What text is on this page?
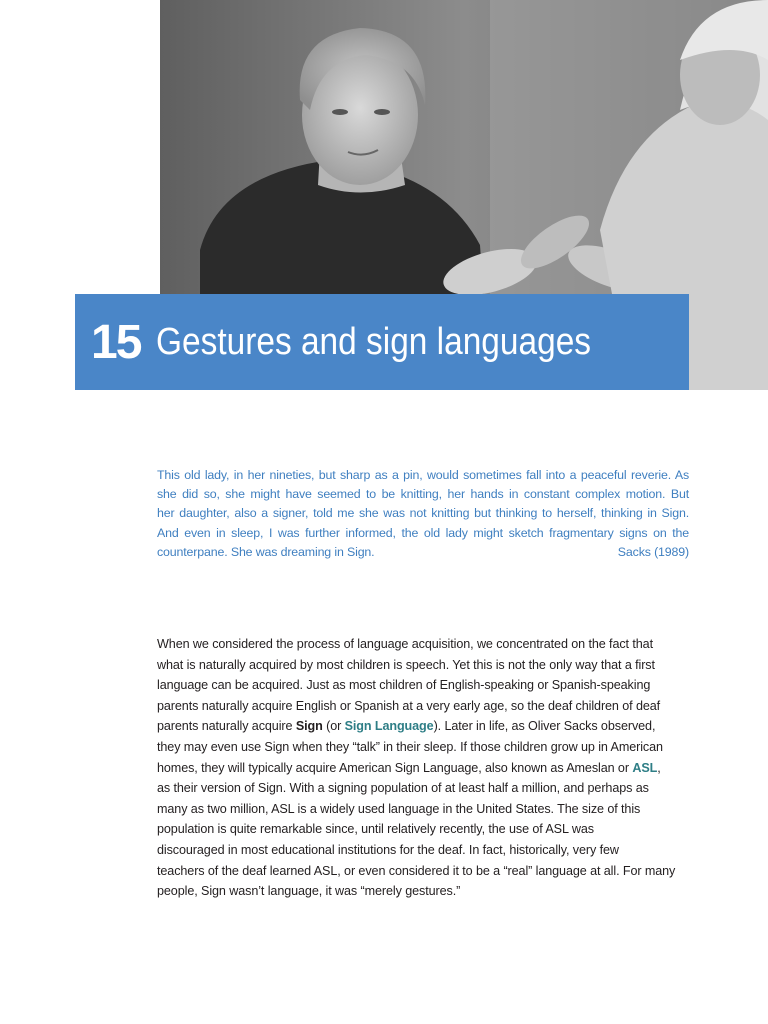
15 Gestures and sign languages
This old lady, in her nineties, but sharp as a pin, would sometimes fall into a peaceful reverie. As
she did so, she might have seemed to be knitting, her hands in constant complex motion. But
her daughter, also a signer, told me she was not knitting but thinking to herself, thinking in Sign.
And even in sleep, I was further informed, the old lady might sketch fragmentary signs on the
counterpane. She was dreaming in Sign.	Sacks (1989)
When we considered the process of language acquisition, we concentrated on the fact that
what is naturally acquired by most children is speech. Yet this is not the only way that a first
language can be acquired. Just as most children of English-speaking or Spanish-speaking
parents naturally acquire English or Spanish at a very early age, so the deaf children of deaf
parents naturally acquire Sign (or Sign Language). Later in life, as Oliver Sacks observed,
they may even use Sign when they “talk” in their sleep. If those children grow up in American
homes, they will typically acquire American Sign Language, also known as Ameslan or ASL,
as their version of Sign. With a signing population of at least half a million, and perhaps as
many as two million, ASL is a widely used language in the United States. The size of this
population is quite remarkable since, until relatively recently, the use of ASL was
discouraged in most educational institutions for the deaf. In fact, historically, very few
teachers of the deaf learned ASL, or even considered it to be a “real” language at all. For many
people, Sign wasn’t language, it was “merely gestures.”
